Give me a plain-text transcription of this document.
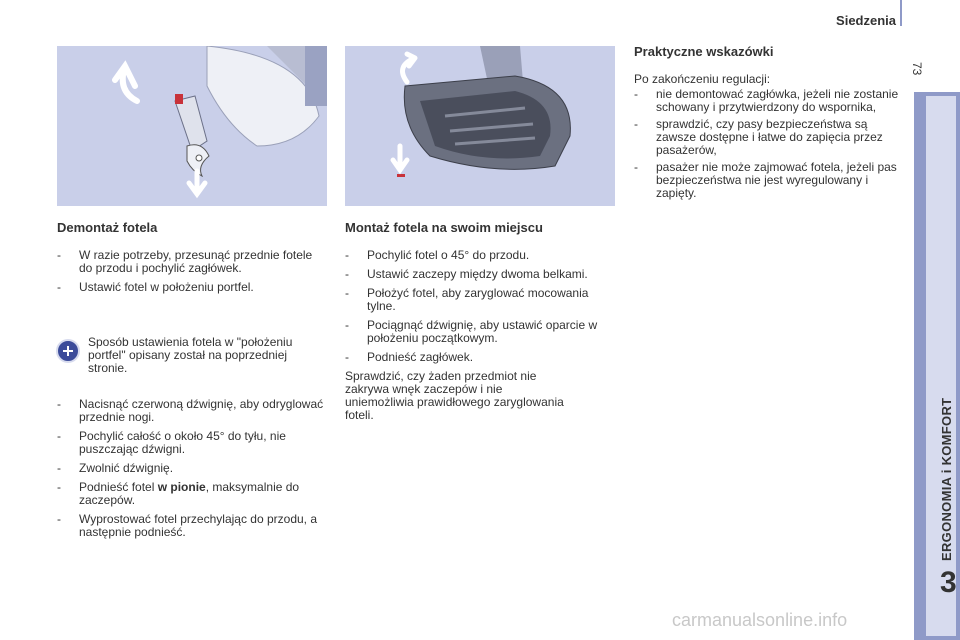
Siedzenia
73
ERGONOMIA i KOMFORT
3
Demontaż fotela
- W razie potrzeby, przesunąć przednie fotele do przodu i pochylić zagłówek.
- Ustawić fotel w położeniu portfel.
Sposób ustawienia fotela w "położeniu portfel" opisany został na poprzedniej stronie.
- Nacisnąć czerwoną dźwignię, aby odryglować przednie nogi.
- Pochylić całość o około 45° do tyłu, nie puszczając dźwigni.
- Zwolnić dźwignię.
- Podnieść fotel w pionie, maksymalnie do zaczepów.
- Wyprostować fotel przechylając do przodu, a następnie podnieść.
Montaż fotela na swoim miejscu
- Pochylić fotel o 45° do przodu.
- Ustawić zaczepy między dwoma belkami.
- Położyć fotel, aby zaryglować mocowania tylne.
- Pociągnąć dźwignię, aby ustawić oparcie w położeniu początkowym.
- Podnieść zagłówek.

Sprawdzić, czy żaden przedmiot nie zakrywa wnęk zaczepów i nie uniemożliwia prawidłowego zaryglowania foteli.

Praktyczne wskazówki

Po zakończeniu regulacji:

- nie demontować zagłówka, jeżeli nie zostanie schowany i przytwierdzony do wspornika,
- sprawdzić, czy pasy bezpieczeństwa są zawsze dostępne i łatwe do zapięcia przez pasażerów,
- pasażer nie może zajmować fotela, jeżeli pas bezpieczeństwa nie jest wyregulowany i zapięty.
carmanualsonline.info
